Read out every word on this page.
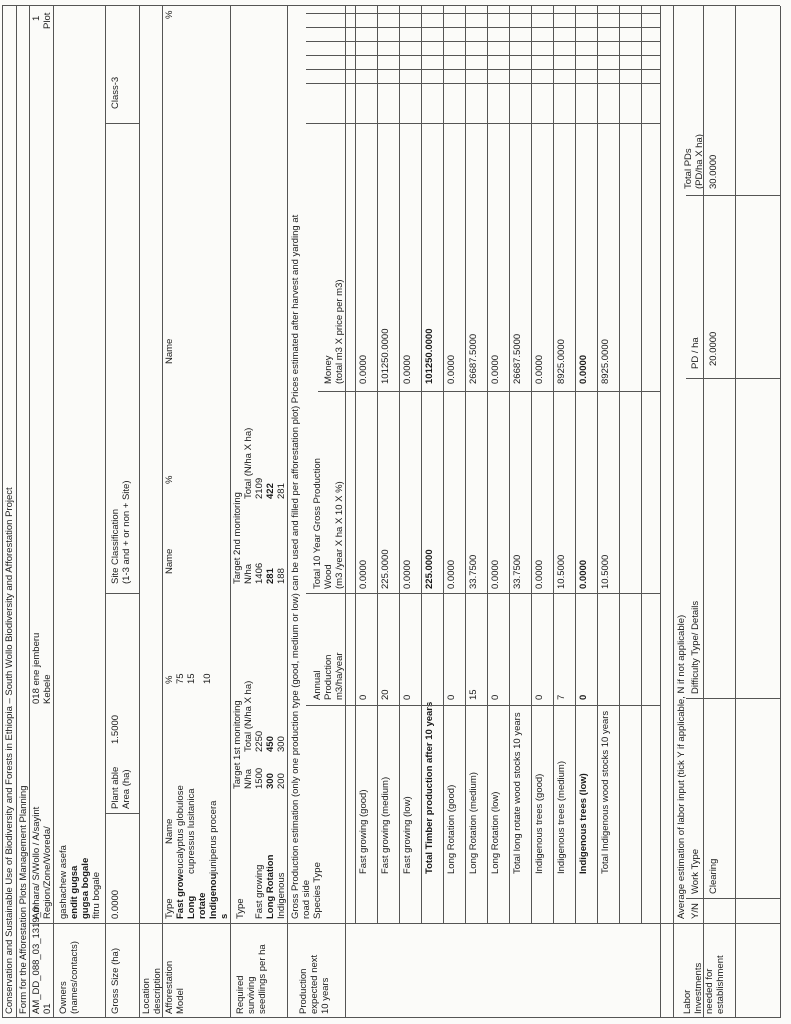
Conservation and Sustainable Use of Biodiversity and Forests in Ethiopia – South Wollo Biodiversity and Afforestation Project Form for the Afforestation Plots Management Planning AM_DD_088_03_1319_0 01
Amhara/ S/Wollo / A/sayint Region/Zone/Woreda/
018 ene jemberu Kebele
1 Plot
Owners (names/contacts)
gashachew asefa endit gugsa gugsa bogale fitru bogale
Gross Size (ha)
0.0000
Plant able Area (ha)
1.5000
Site Classification (1-3 and + or non + Site)
Class-3
Location description Afforestation Model
Type
Name
%
Name
%
Name
%
Fast grow
eucalyptus globulose
75
Long
cupressus lusitanica
15
rotate Indigenou
juniperus procera
10
s
Required surviving seedlings per ha
Type
Target 1st monitoring N/ha
Total (N/ha X ha)
Target 2nd monitoring N/ha
Total (N/ha X ha)
Fast growing
1500
2250
1406
2109
Long Rotation
300
450
281
422
Indigenous
200
300
188
281
Production expected next 10 years
Gross Production estimation (only one production type (good, medium or low) can be used and filled per afforestation plot) Prices estimated after harvest and yarding at road side Species Type
Annual Production m3/ha/year
Total 10 Year Gross Production Wood (m3 /year X ha X 10 X %)
Money (total m3 X price per m3)
Fast growing (good)
0
0.0000
0.0000
Fast growing (medium)
20
225.0000
101250.0000
Fast growing (low)
0
0.0000
0.0000
Total Timber production after 10 years
225.0000
101250.0000
Long Rotation (good)
0
0.0000
0.0000
Long Rotation (medium)
15
33.7500
26687.5000
Long Rotation (low)
0
0.0000
0.0000
Total long rotate wood stocks 10 years
33.7500
26687.5000
Indigenous trees (good)
0
0.0000
0.0000
Indigenous trees (medium)
7
10.5000
8925.0000
Indigenous trees (low)
0
0.0000
0.0000
Total Indigenous wood stocks 10 years
10.5000
8925.0000
Labor Investments needed for establishment
Average estimation of labor input (tick Y if applicable, N if not applicable) Y/N
Work Type
Difficulty Type/ Details
PD / ha
Total PDs (PD/ha X ha)
Clearing
20.0000
30.0000
